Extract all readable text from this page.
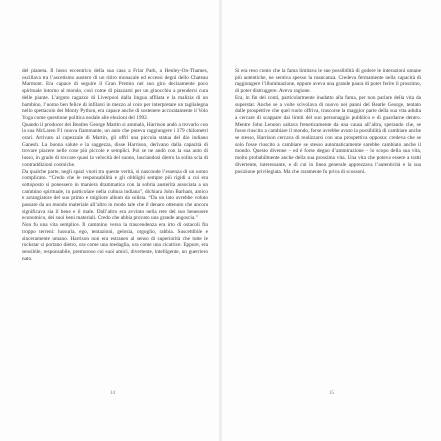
del pianeta. Il lusso eccentrico della sua casa a Friar Park, a Henley-On-Thames, oscillava tra l’ascetismo austero di un ritiro monacale ed eccessi degni dello Chateau Marmont. Era capace di seguire il Gran Premio nel suo giro decisamente poco spirituale intorno al mondo, così come di piazzarsi per un ginocchio a prendersi cura delle piante. L’arguto ragazzo di Liverpool dalla lingua affilata e la malizia di un bambino, l’uomo ben felice di infilarsi in mezzo al coro per interpretare un taglialegna nello spettacolo dei Monty Python, era capace anche di sostenere accoratamente il Volo Yoga come questione politica nodale alle elezioni del 1992.

Quando il producer dei Beatles George Martin si ammalò, Harrison andò a trovarlo con la sua McLaren F1 nuova fiammante, un auto che poteva raggiungere i 379 chilometri orari. Arrivato al capezzale di Martin, gli offrì una piccola statua del dio indiano Ganesh. La buona salute e la saggezza, disse Harrison, derivano dalla capacità di trovare piacere nelle cose più piccole e semplici. Poi se ne andò con la sua auto di lusso, in grado di toccare quasi la velocità del suono, lasciandosi dietro la solita scia di contraddizioni cosmiche.

Da qualche parte, negli spazi vuoti tra queste verità, si nasconde l’essenza di un uomo complicato. “Credo che le responsabilità e gli obblighi sempre più rigidi a cui era sottoposto si ponessero in maniera drammatica con la sobria austerità associata a un cammino spirituale, in particolare nella cultura indiana”, dichiara John Barham, amico e arrangiatore del suo primo e migliore album da solista. “Da un lato avrebbe voluto passare da un mondo materiale all’altro in modo tale che il denaro ottenuto che ancora significava sia il bene e il male. Dall’altro era avvinto nella rete del suo benessere economico, dei suoi beni materiali. Credo che abbia provato una grande angoscia.”

Non fu una vita semplice. Il cammino verso la trascendenza era irto di ostacoli fin troppo terreni: lussuria, ego, tentazioni, gelosia, orgoglio, rabbia. Suscettibile e sinceramente umano. Harrison non era estraneo al senso di superiorità che tutte le rockstar si portano dietro, ora come una medaglia, ora come una cicatrice. Eppure, era sensibile, responsabile, premuroso coi suoi amici, divertente, intelligente, un guerriero nato.

14

Si era reso conto che la fama limitava le sue possibilità di godere le interazioni umane più autentiche, ne sentiva spesso la mancanza. Credeva fermamente nella capacità di raggiungere l’illuminazione, eppure aveva una grande paura di poter ferire il prossimo, di poter distruggere. Aveva ragione.

Era, in fin dei conti, particolarmente inadatto alla fama, per non parlare della vita da superstar. Anche se a volte scivolava di nuovo nei panni del Beatle George, tentato dalle prospettive che quel ruolo offriva, trascorse la maggior parte della sua vita adulta a cercare di scappare dai limiti del suo personaggio pubblico e di guardarne dentro. Mentre John Lennon saltava freneticamente da una causa all’altra, sperando che, se fosse riuscito a cambiare il mondo, forse avrebbe avuto la possibilità di cambiare anche se stesso, Harrison cercava di realizzarsi con una prospettiva opposta: credeva che se solo fosse riuscito a cambiare se stesso automaticamente sarebbe cambiato anche il mondo. Questo divenne – ed è forse degno d’ammirazione – lo scopo della sua vita, molto probabilmente anche della sua prossima vita. Una vita che poteva essere a tratti divertente, interessante, e di cui in linea generale apprezzava l’autenticità e la sua posizione privilegiata. Ma che raramente fu priva di scossoni.

15
